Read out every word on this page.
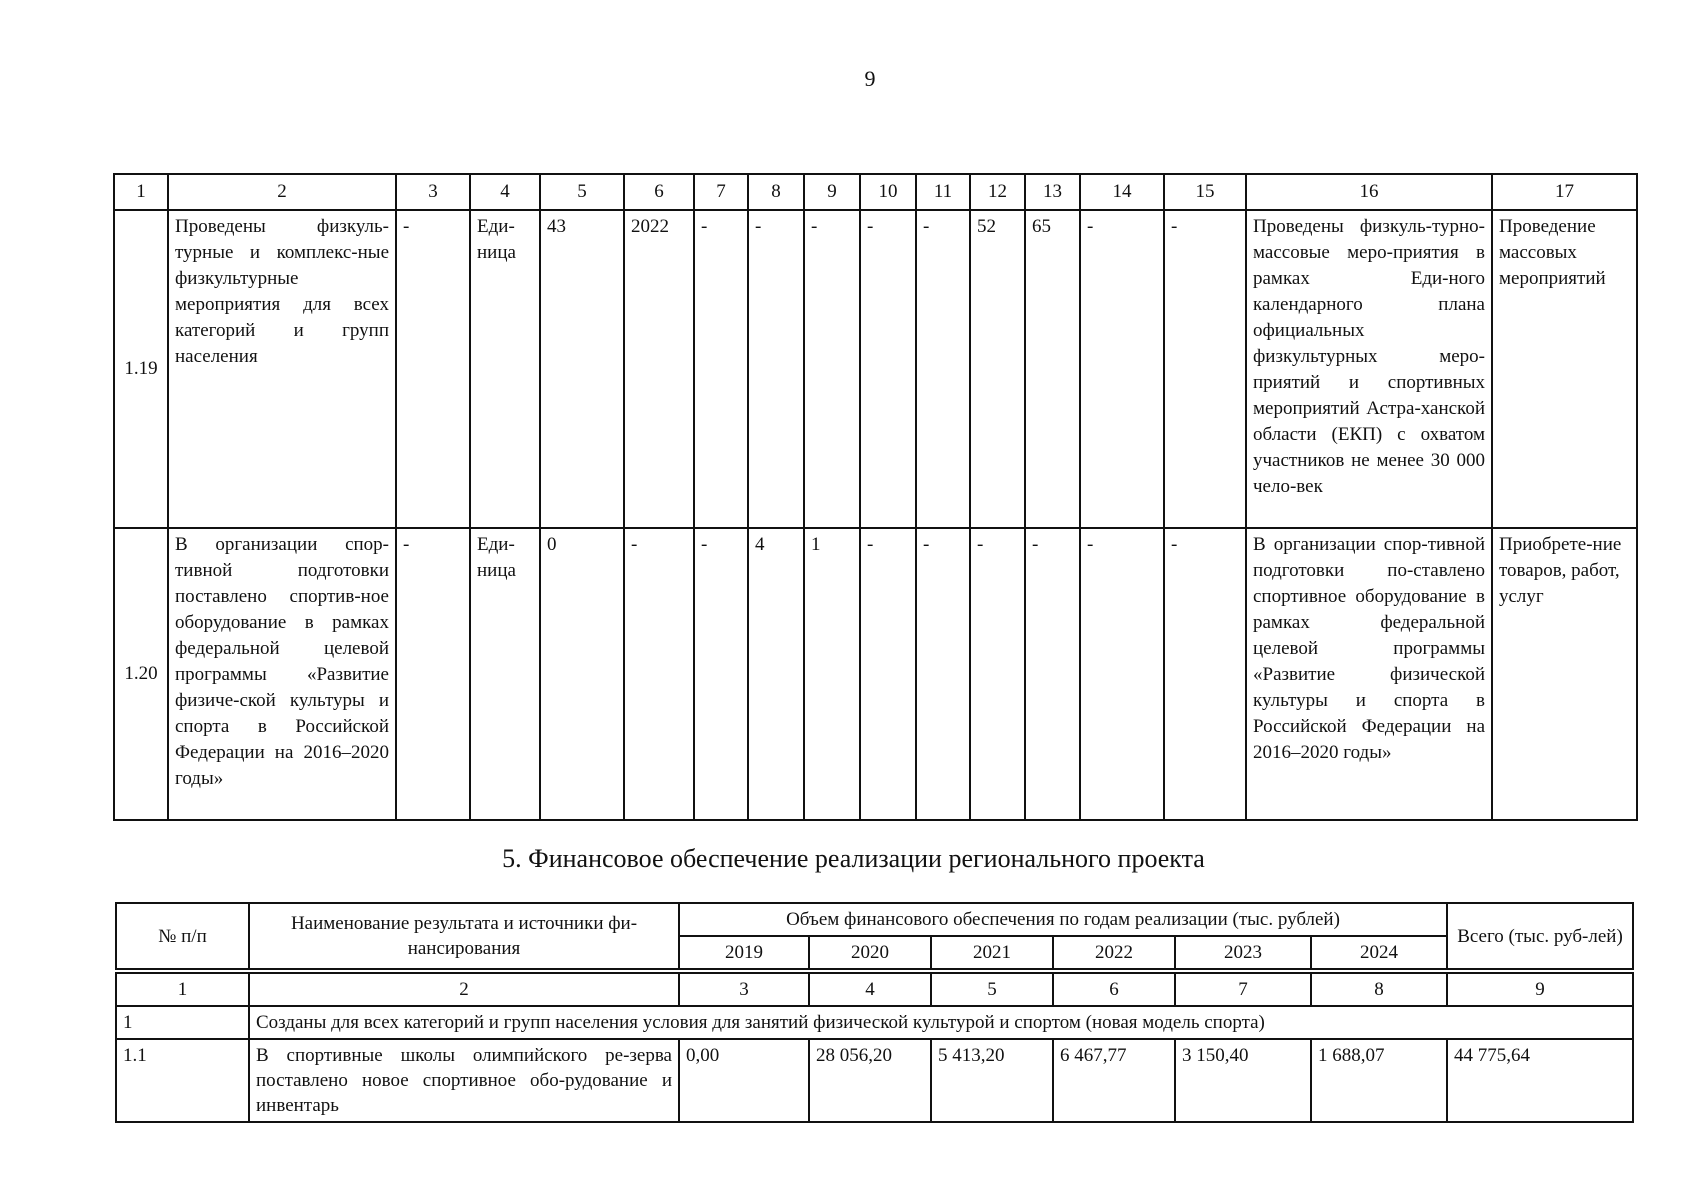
9
1	2	3	4	5	6	7	8	9	10	11	12	13	14	15	16	17
1.19	Проведены физкуль-турные и комплекс-ные физкультурные мероприятия для всех категорий и групп населения	-	Еди-ница	43	2022	-	-	-	-	-	52	65	-	-	Проведены физкуль-турно-массовые меро-приятия в рамках Еди-ного календарного плана официальных физкультурных меро-приятий и спортивных мероприятий Астра-ханской области (ЕКП) с охватом участников не менее 30 000 чело-век	Проведение массовых мероприятий
1.20	В организации спор-тивной подготовки поставлено спортив-ное оборудование в рамках федеральной целевой программы «Развитие физиче-ской культуры и спорта в Российской Федерации на 2016–2020 годы»	-	Еди-ница	0	-	-	4	1	-	-	-	-	-	-	В организации спор-тивной подготовки по-ставлено спортивное оборудование в рамках федеральной целевой программы «Развитие физической культуры и спорта в Российской Федерации на 2016–2020 годы»	Приобрете-ние товаров, работ, услуг
5. Финансовое обеспечение реализации регионального проекта
№ п/п	Наименование результата и источники фи-нансирования	Объем финансового обеспечения по годам реализации (тыс. рублей)						Всего (тыс. руб-лей)
		2019	2020	2021	2022	2023	2024	

1	2	3	4	5	6	7	8	9
1	Созданы для всех категорий и групп населения условия для занятий физической культурой и спортом (новая модель спорта)							
1.1	В спортивные школы олимпийского ре-зерва поставлено новое спортивное обо-рудование и инвентарь	0,00	28 056,20	5 413,20	6 467,77	3 150,40	1 688,07	44 775,64
